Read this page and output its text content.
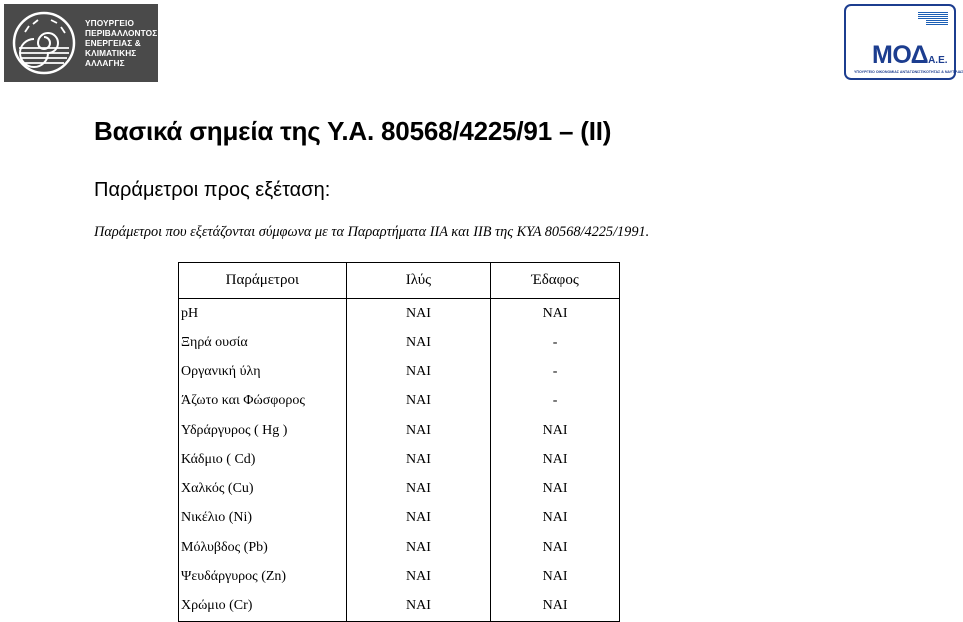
ΥΠΟΥΡΓΕΙΟ
ΠΕΡΙΒΑΛΛΟΝΤΟΣ
ΕΝΕΡΓΕΙΑΣ &
ΚΛΙΜΑΤΙΚΗΣ
ΑΛΛΑΓΗΣ	ΜΟΔΑ.Ε.
ΥΠΟΥΡΓΕΙΟ ΟΙΚΟΝΟΜΙΑΣ ΑΝΤΑΓΩΝΙΣΤΙΚΟΤΗΤΑΣ & ΝΑΥΤΙΛΙΑΣ
Βασικά σημεία της Υ.Α. 80568/4225/91 – (ΙΙ)
Παράμετροι προς εξέταση:
Παράμετροι που εξετάζονται σύμφωνα με τα Παραρτήματα ΙΙΑ και ΙΙΒ της ΚΥΑ 80568/4225/1991.
Παράμετροι	Ιλύς	Έδαφος
pH	ΝΑΙ	ΝΑΙ
Ξηρά ουσία	ΝΑΙ	-
Οργανική ύλη	ΝΑΙ	-
Άζωτο και Φώσφορος	ΝΑΙ	-
Υδράργυρος ( Hg )	ΝΑΙ	ΝΑΙ
Κάδμιο ( Cd)	ΝΑΙ	ΝΑΙ
Χαλκός (Cu)	ΝΑΙ	ΝΑΙ
Νικέλιο (Ni)	ΝΑΙ	ΝΑΙ
Μόλυβδος (Pb)	ΝΑΙ	ΝΑΙ
Ψευδάργυρος (Zn)	ΝΑΙ	ΝΑΙ
Χρώμιο (Cr)	ΝΑΙ	ΝΑΙ
